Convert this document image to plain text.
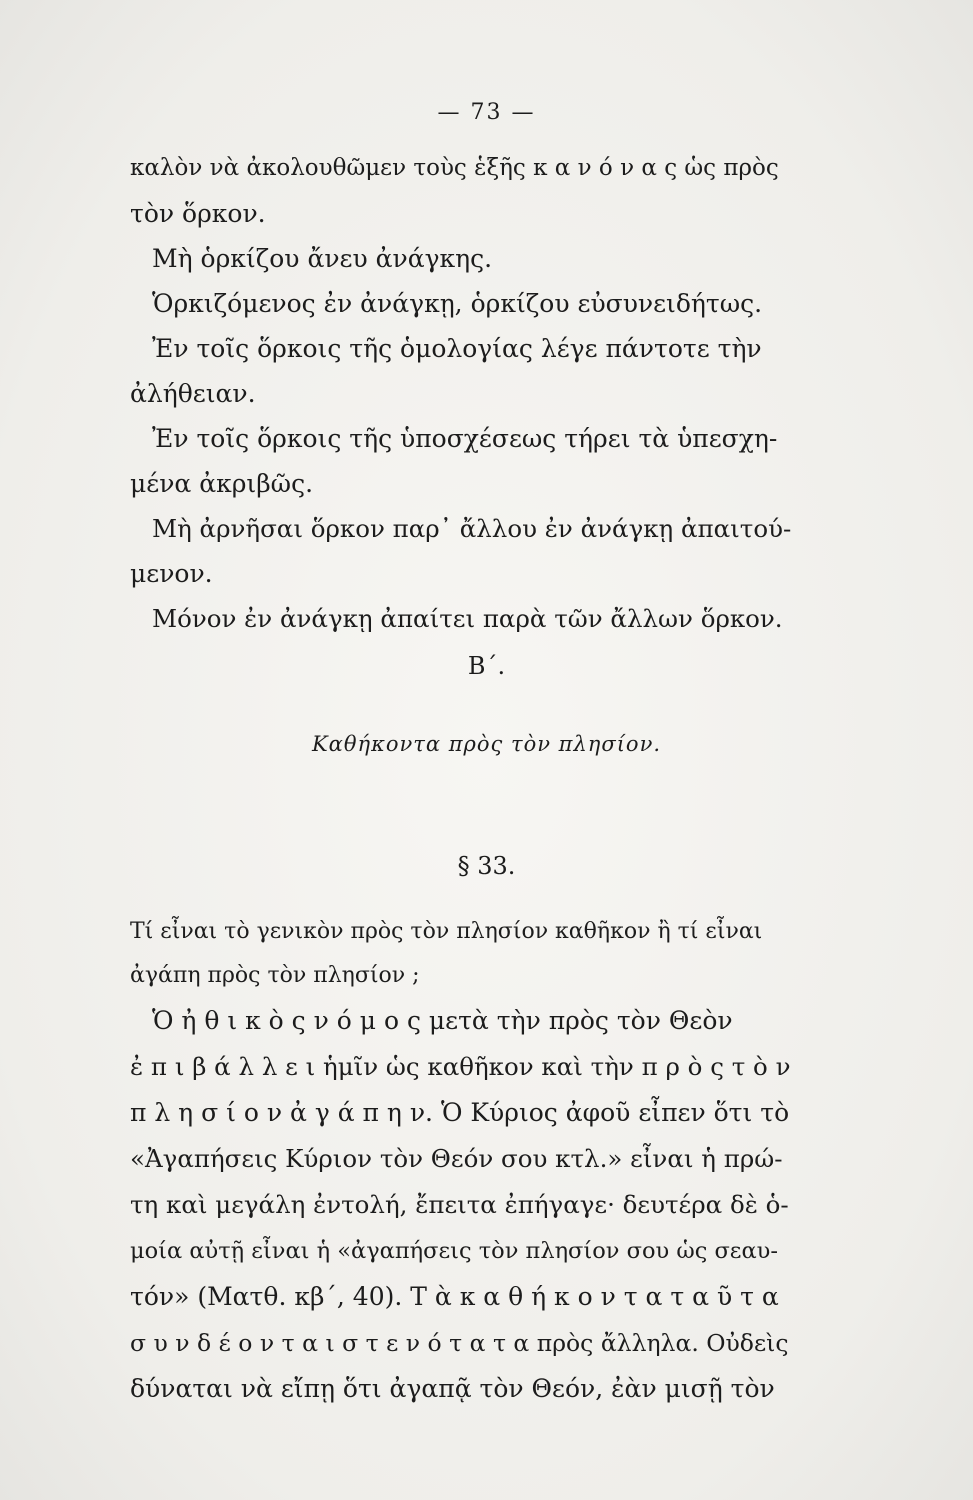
— 73 —
καλὸν νὰ ἀκολουθῶμεν τοὺς ἑξῆς κ α ν ό ν α ς ὡς πρὸς
τὸν ὅρκον.
Μὴ ὁρκίζου ἄνευ ἀνάγκης.
Ὁρκιζόμενος ἐν ἀνάγκῃ, ὁρκίζου εὐσυνειδήτως.
Ἐν τοῖς ὅρκοις τῆς ὁμολογίας λέγε πάντοτε τὴν
ἀλήθειαν.
Ἐν τοῖς ὅρκοις τῆς ὑποσχέσεως τήρει τὰ ὑπεσχη-
μένα ἀκριβῶς.
Μὴ ἀρνῆσαι ὅρκον παρ᾽ ἄλλου ἐν ἀνάγκῃ ἀπαιτού-
μενον.
Μόνον ἐν ἀνάγκῃ ἀπαίτει παρὰ τῶν ἄλλων ὅρκον.
Β΄.
Καθήκοντα πρὸς τὸν πλησίον.
§ 33.
Τί εἶναι τὸ γενικὸν πρὸς τὸν πλησίον καθῆκον ἢ τί εἶναι
ἀγάπη πρὸς τὸν πλησίον ;
Ὁ ἠ θ ι κ ὸ ς ν ό μ ο ς μετὰ τὴν πρὸς τὸν Θεὸν
ἐ π ι β ά λ λ ε ι ἡμῖν ὡς καθῆκον καὶ τὴν π ρ ὸ ς τ ὸ ν
π λ η σ ί ο ν ἀ γ ά π η ν. Ὁ Κύριος ἀφοῦ εἶπεν ὅτι τὸ
«Ἀγαπήσεις Κύριον τὸν Θεόν σου κτλ.» εἶναι ἡ πρώ-
τη καὶ μεγάλη ἐντολή, ἔπειτα ἐπήγαγε· δευτέρα δὲ ὁ-
μοία αὐτῇ εἶναι ἡ «ἀγαπήσεις τὸν πλησίον σου ὡς σεαυ-
τόν» (Ματθ. κβ΄, 40). Τ ὰ κ α θ ή κ ο ν τ α τ α ῦ τ α
σ υ ν δ έ ο ν τ α ι σ τ ε ν ό τ α τ α πρὸς ἄλληλα. Οὐδεὶς
δύναται νὰ εἴπῃ ὅτι ἀγαπᾷ τὸν Θεόν, ἐὰν μισῇ τὸν
